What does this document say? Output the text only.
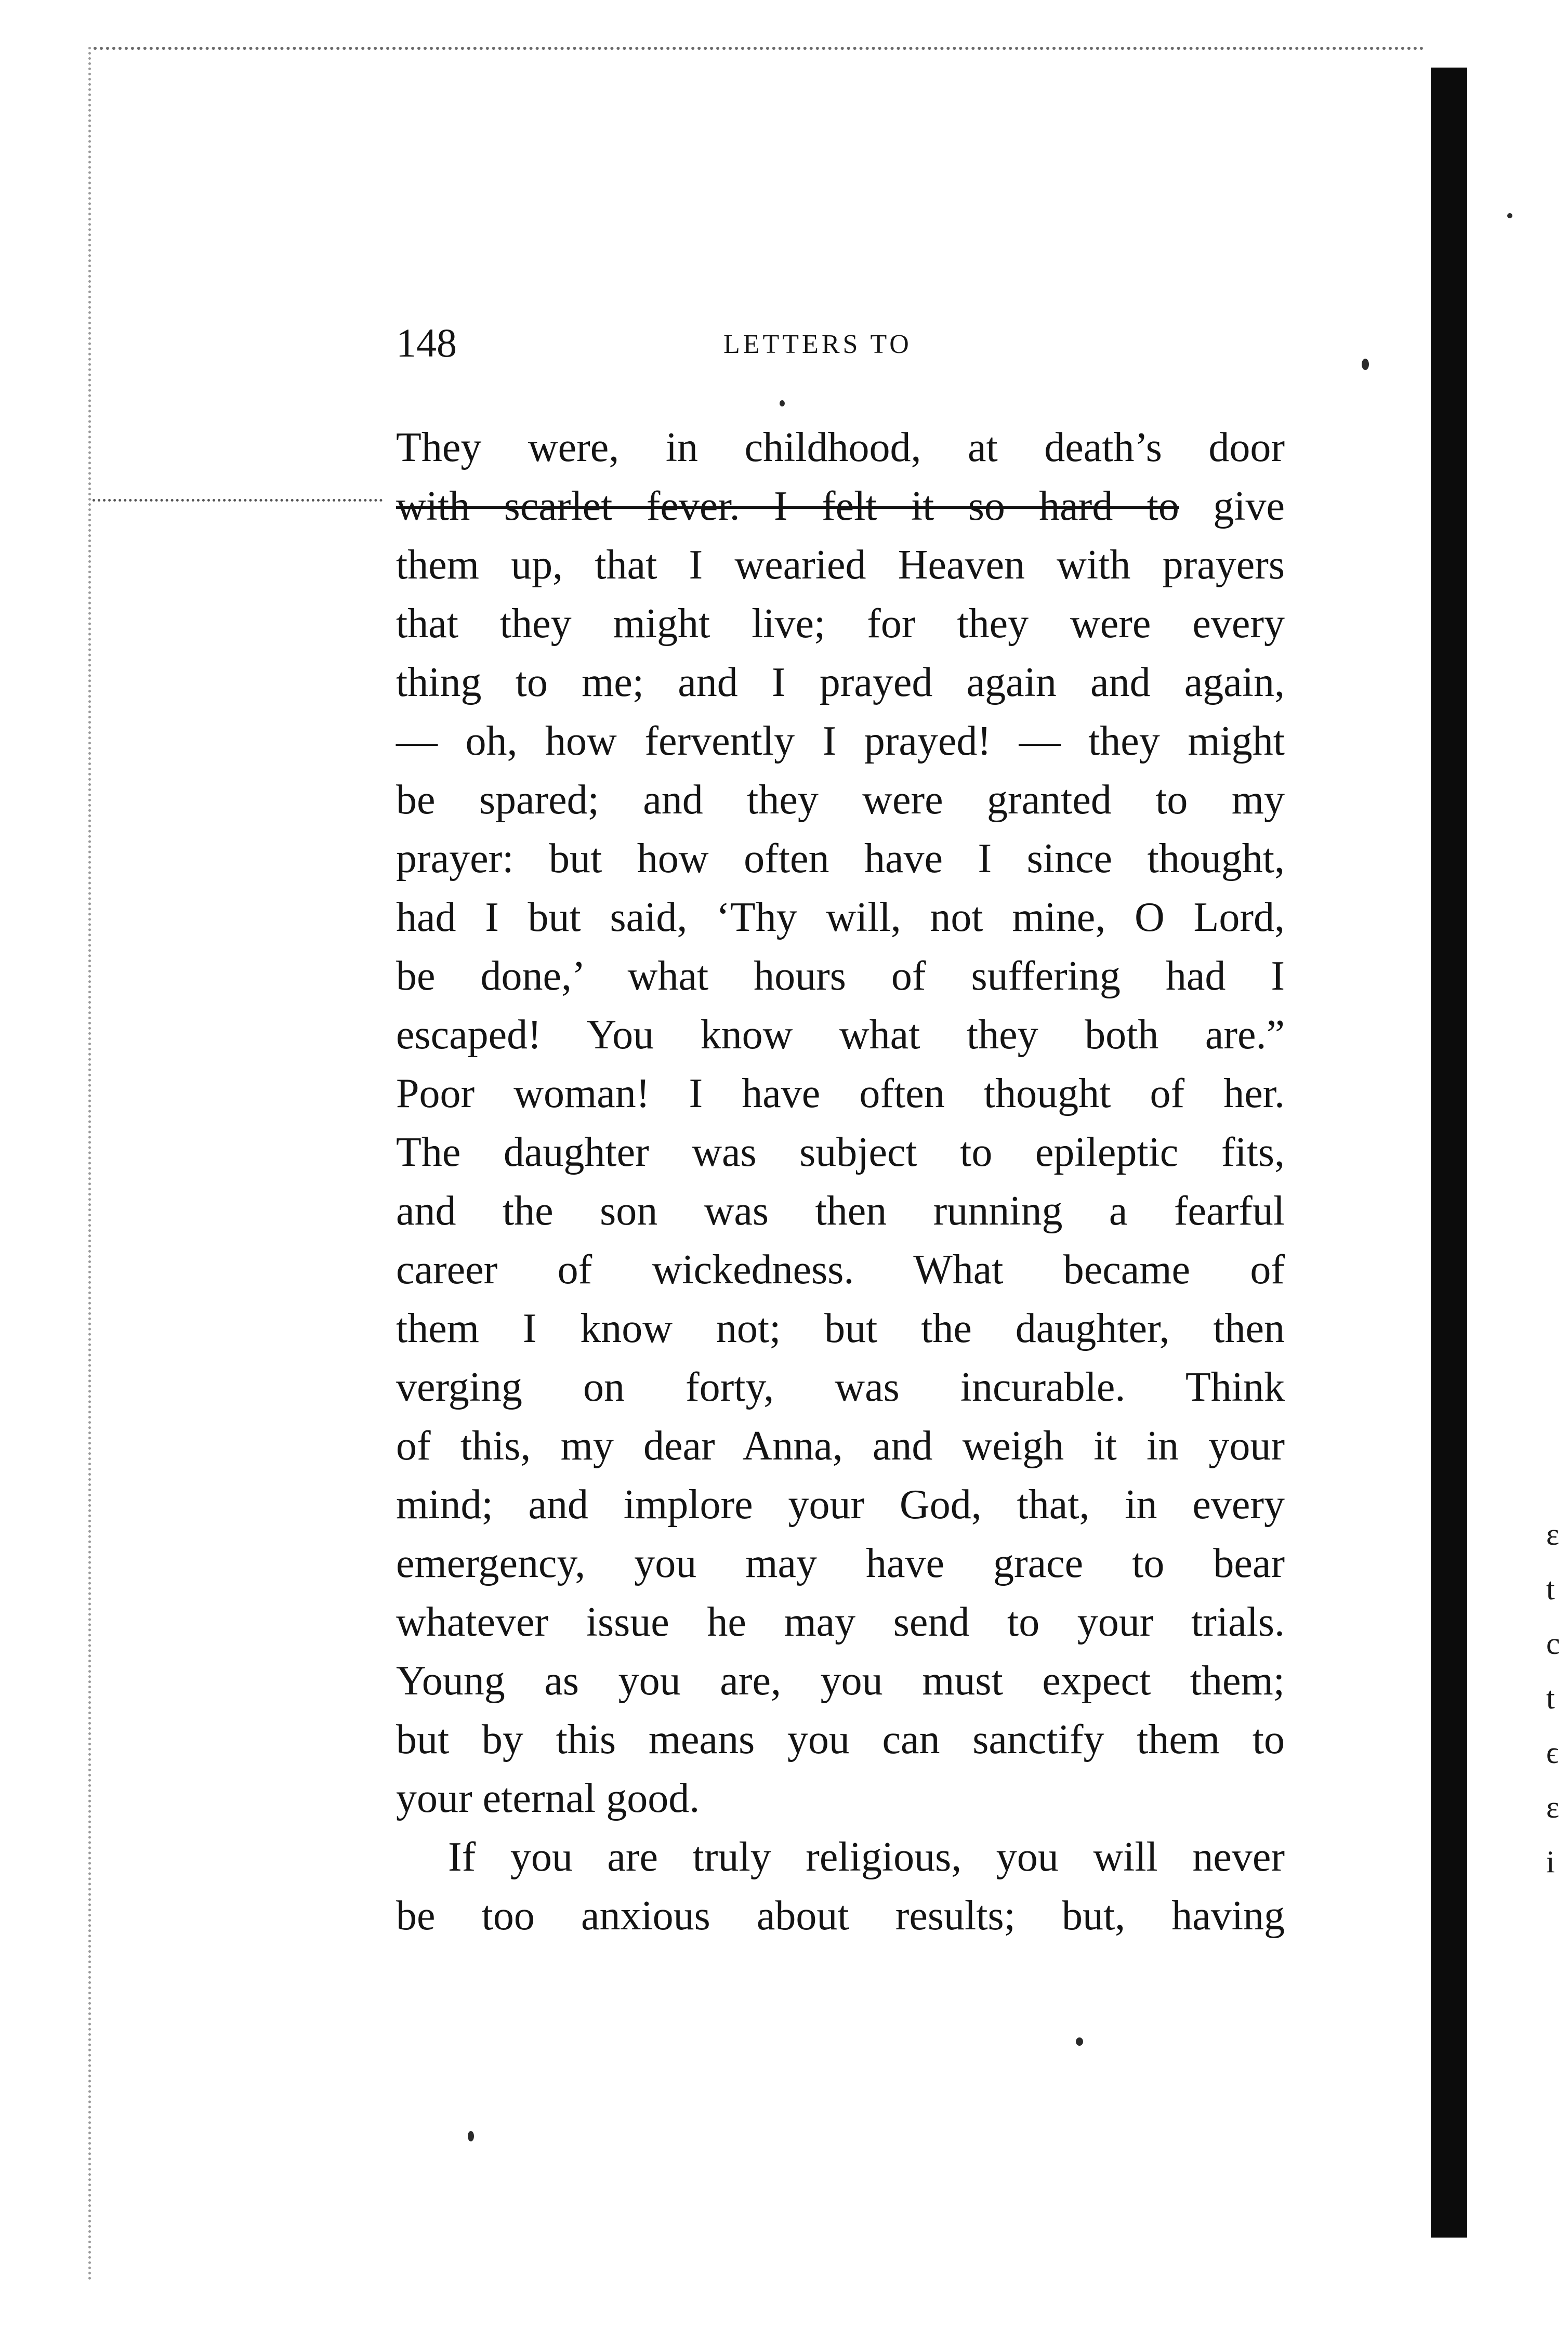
148	LETTERS TO
They were, in childhood, at death’s door
with scarlet fever. I felt it so hard to give
them up, that I wearied Heaven with prayers
that they might live; for they were every
thing to me; and I prayed again and again,
— oh, how fervently I prayed! — they might
be spared; and they were granted to my
prayer: but how often have I since thought,
had I but said, ‘Thy will, not mine, O Lord,
be done,’ what hours of suffering had I
escaped! You know what they both are.”
Poor woman! I have often thought of her.
The daughter was subject to epileptic fits,
and the son was then running a fearful
career of wickedness. What became of
them I know not; but the daughter, then
verging on forty, was incurable. Think
of this, my dear Anna, and weigh it in your
mind; and implore your God, that, in every
emergency, you may have grace to bear
whatever issue he may send to your trials.
Young as you are, you must expect them;
but by this means you can sanctify them to
your eternal good.
If you are truly religious, you will never
be too anxious about results; but, having
ε
t
c
t
ϵ
ε
i
